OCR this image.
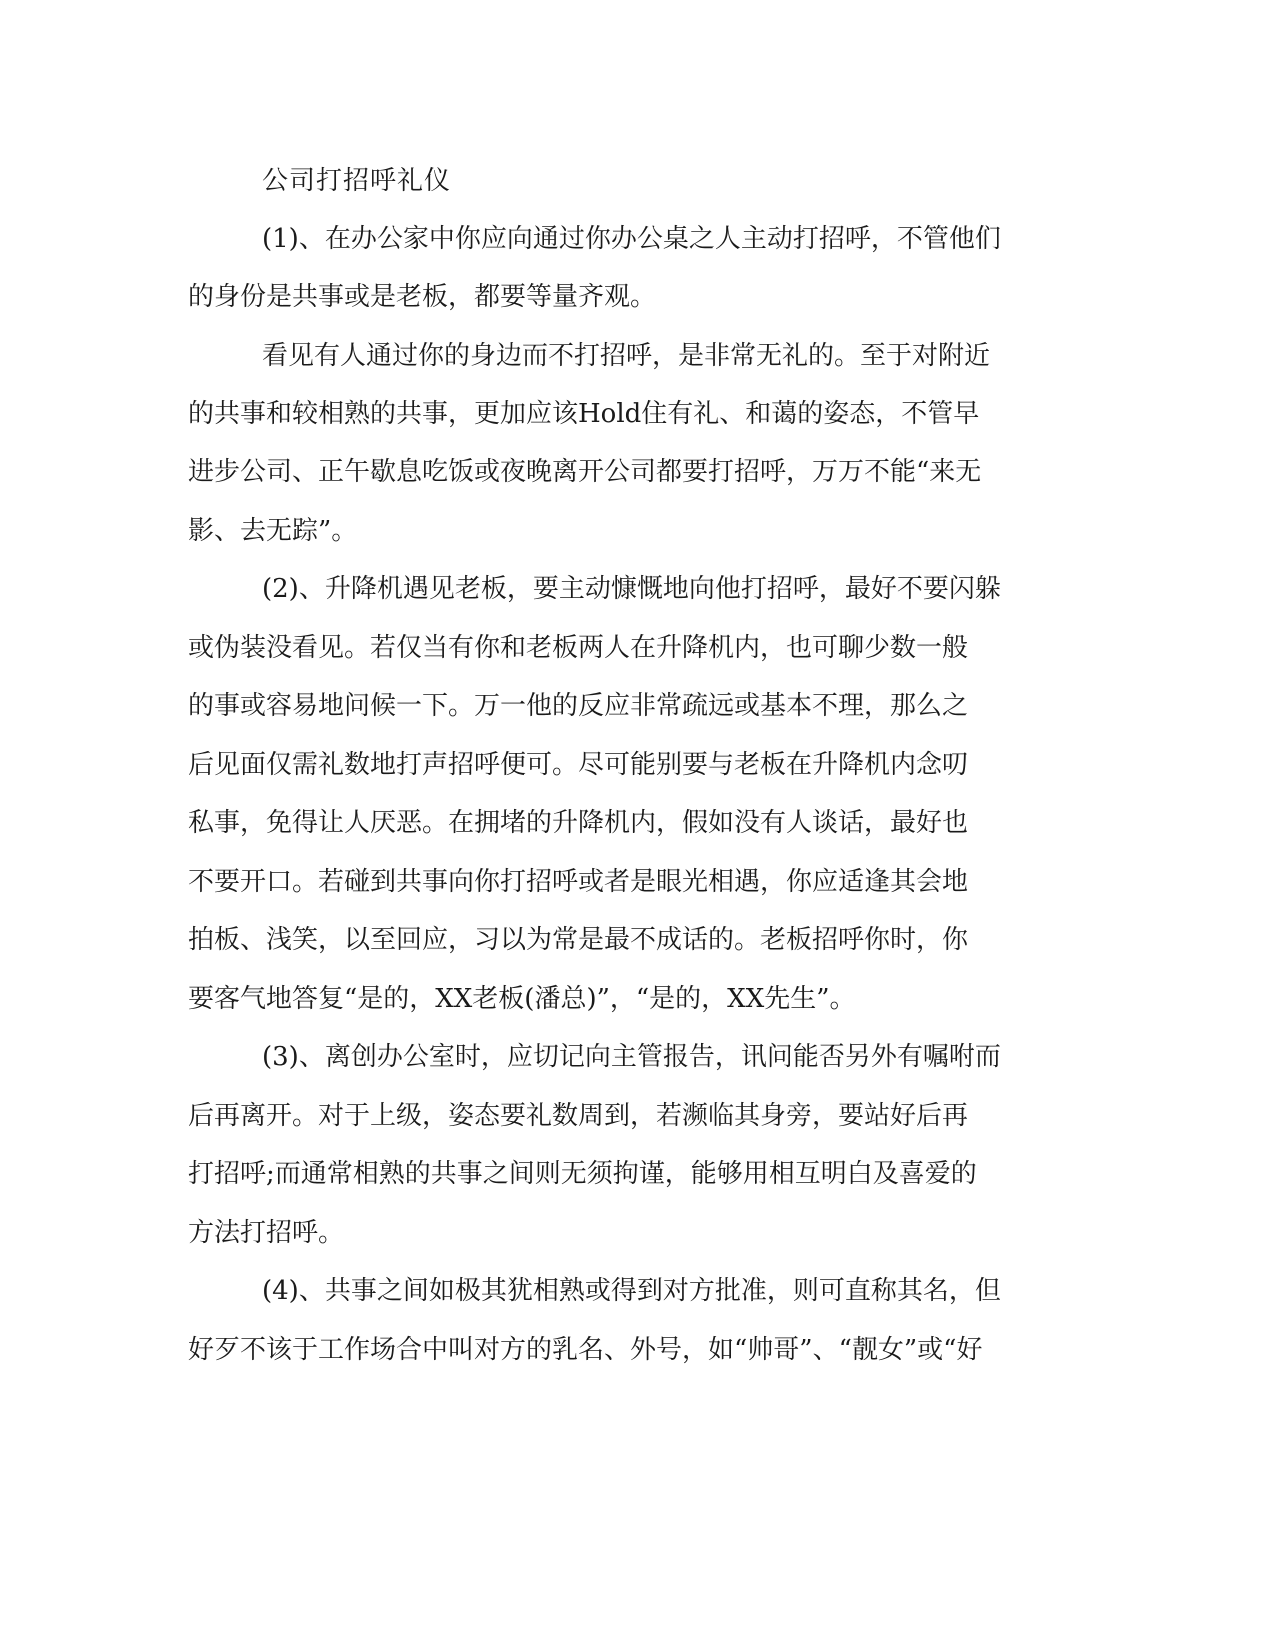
公司打招呼礼仪

(1)、在办公家中你应向通过你办公桌之人主动打招呼，不管他们

的身份是共事或是老板，都要等量齐观。

看见有人通过你的身边而不打招呼，是非常无礼的。至于对附近

的共事和较相熟的共事，更加应该Hold住有礼、和蔼的姿态，不管早

进步公司、正午歇息吃饭或夜晚离开公司都要打招呼，万万不能“来无

影、去无踪”。

(2)、升降机遇见老板，要主动慷慨地向他打招呼，最好不要闪躲

或伪装没看见。若仅当有你和老板两人在升降机内，也可聊少数一般

的事或容易地问候一下。万一他的反应非常疏远或基本不理，那么之

后见面仅需礼数地打声招呼便可。尽可能别要与老板在升降机内念叨

私事，免得让人厌恶。在拥堵的升降机内，假如没有人谈话，最好也

不要开口。若碰到共事向你打招呼或者是眼光相遇，你应适逢其会地

拍板、浅笑，以至回应，习以为常是最不成话的。老板招呼你时，你

要客气地答复“是的，XX老板(潘总)”，“是的，XX先生”。

(3)、离创办公室时，应切记向主管报告，讯问能否另外有嘱咐而

后再离开。对于上级，姿态要礼数周到，若濒临其身旁，要站好后再

打招呼;而通常相熟的共事之间则无须拘谨，能够用相互明白及喜爱的

方法打招呼。

(4)、共事之间如极其犹相熟或得到对方批准，则可直称其名，但

好歹不该于工作场合中叫对方的乳名、外号，如“帅哥”、“靓女”或“好
